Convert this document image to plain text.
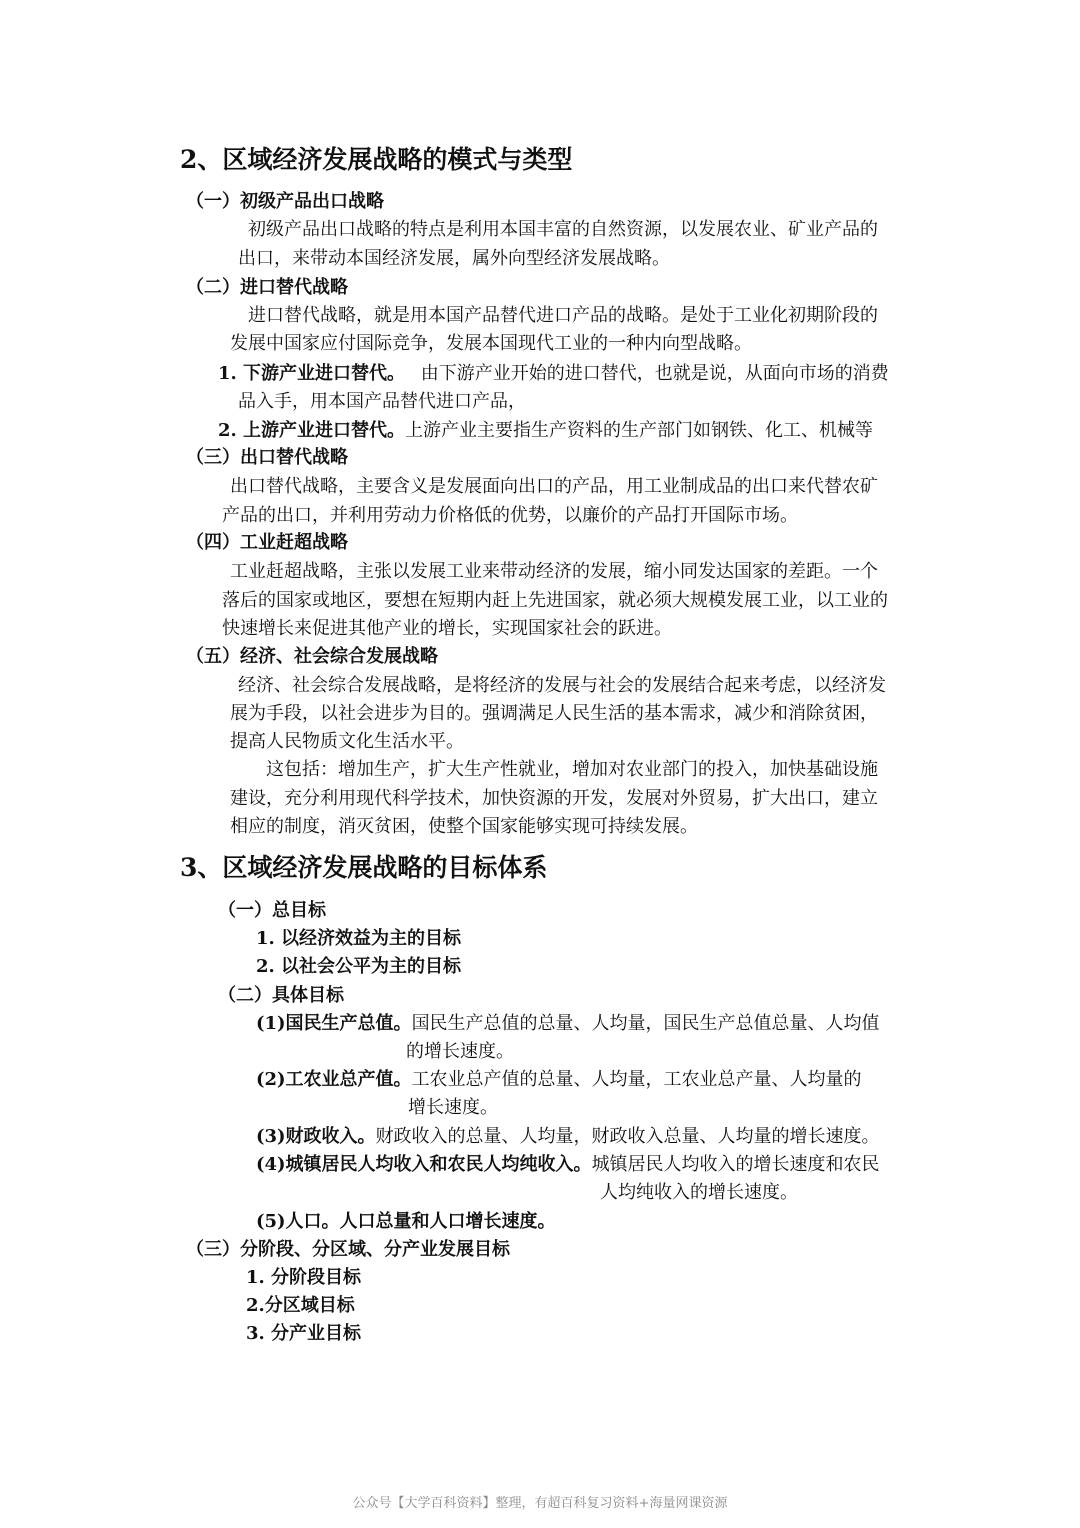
2、区域经济发展战略的模式与类型
（一）初级产品出口战略
初级产品出口战略的特点是利用本国丰富的自然资源，以发展农业、矿业产品的
出口，来带动本国经济发展，属外向型经济发展战略。
（二）进口替代战略
进口替代战略，就是用本国产品替代进口产品的战略。是处于工业化初期阶段的
发展中国家应付国际竞争，发展本国现代工业的一种内向型战略。
1. 下游产业进口替代。 由下游产业开始的进口替代，也就是说，从面向市场的消费
品入手，用本国产品替代进口产品，
2. 上游产业进口替代。上游产业主要指生产资料的生产部门如钢铁、化工、机械等
（三）出口替代战略
出口替代战略，主要含义是发展面向出口的产品，用工业制成品的出口来代替农矿
产品的出口，并利用劳动力价格低的优势，以廉价的产品打开国际市场。
（四）工业赶超战略
工业赶超战略，主张以发展工业来带动经济的发展，缩小同发达国家的差距。一个
落后的国家或地区，要想在短期内赶上先进国家，就必须大规模发展工业，以工业的
快速增长来促进其他产业的增长，实现国家社会的跃进。
（五）经济、社会综合发展战略
经济、社会综合发展战略，是将经济的发展与社会的发展结合起来考虑，以经济发
展为手段，以社会进步为目的。强调满足人民生活的基本需求，减少和消除贫困，
提高人民物质文化生活水平。
这包括：增加生产，扩大生产性就业，增加对农业部门的投入，加快基础设施
建设，充分利用现代科学技术，加快资源的开发，发展对外贸易，扩大出口，建立
相应的制度，消灭贫困，使整个国家能够实现可持续发展。
3、区域经济发展战略的目标体系
（一）总目标
1. 以经济效益为主的目标
2. 以社会公平为主的目标
（二）具体目标
(1)国民生产总值。国民生产总值的总量、人均量，国民生产总值总量、人均值
的增长速度。
(2)工农业总产值。工农业总产值的总量、人均量，工农业总产量、人均量的
增长速度。
(3)财政收入。财政收入的总量、人均量，财政收入总量、人均量的增长速度。
(4)城镇居民人均收入和农民人均纯收入。城镇居民人均收入的增长速度和农民
人均纯收入的增长速度。
(5)人口。人口总量和人口增长速度。
（三）分阶段、分区域、分产业发展目标
1. 分阶段目标
2.分区域目标
3. 分产业目标
公众号【大学百科资料】整理，有超百科复习资料+海量网课资源
